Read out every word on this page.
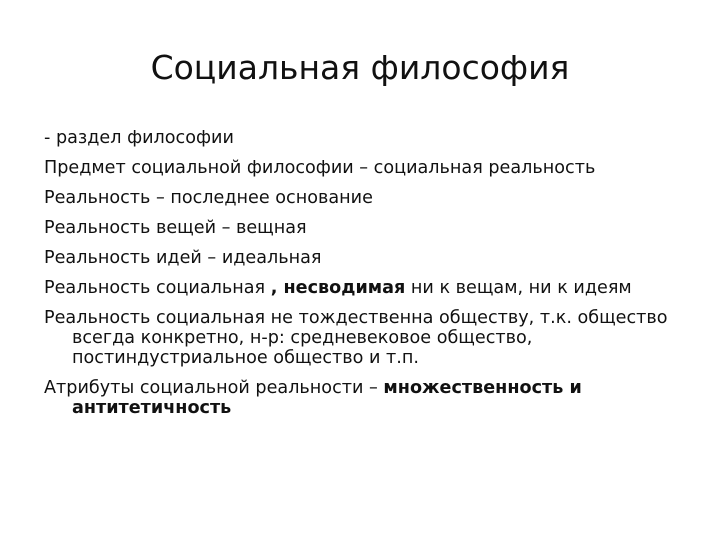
Социальная философия
- раздел философии
Предмет социальной философии – социальная реальность
Реальность – последнее основание
Реальность вещей – вещная
Реальность идей – идеальная
Реальность социальная , несводимая ни к вещам, ни к идеям
Реальность социальная не тождественна обществу, т.к. общество всегда конкретно, н-р: средневековое общество, постиндустриальное общество и т.п.
Атрибуты социальной реальности – множественность и антитетичность
